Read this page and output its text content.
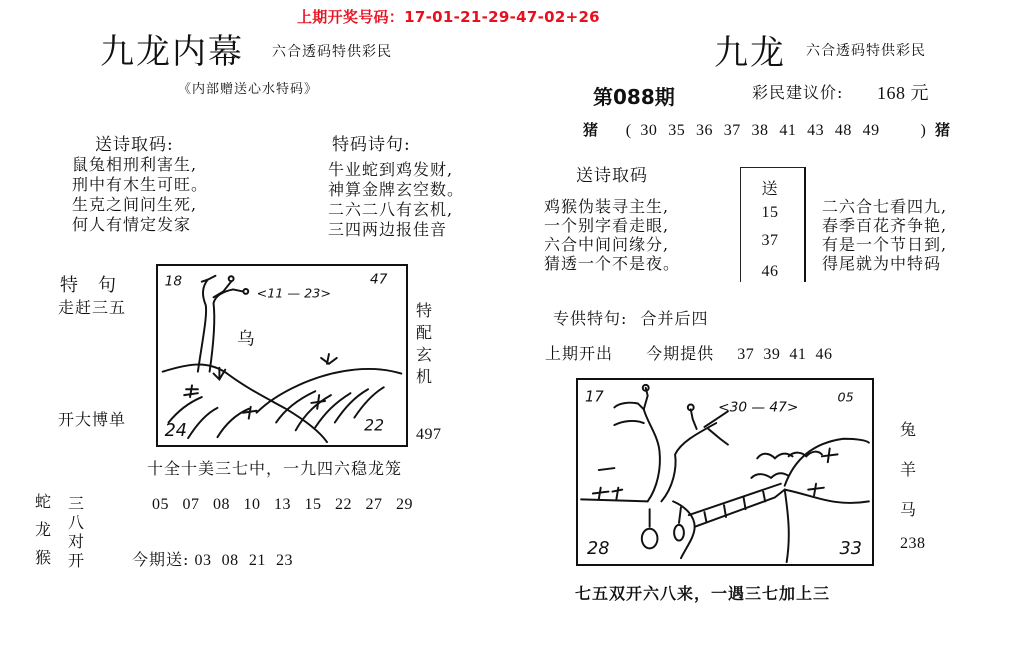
上期开奖号码：17-01-21-29-47-02+26
九龙内幕 六合透码特供彩民
《内部赠送心水特码》
送诗取码:
鼠兔相刑利害生,
刑中有木生可旺。
生克之间问生死,
何人有情定发家
特码诗句:
牛业蛇到鸡发财,
神算金牌玄空数。
二六二八有玄机,
三四两边报佳音
特　句
走赶三五
开大博单
18	47
24	22
<11 — 23>
乌
特
配
玄
机
497
十全十美三七中，一九四六稳龙笼
蛇
龙
猴
三
八
对
开
05 07 08 10 13 15 22 27 29
今期送: 03 08 21 23
九龙 六合透码特供彩民
第088期	彩民建议价: 168 元
猪 ( 30 35 36 37 38 41 43 48 49	) 猪
送诗取码
鸡猴伪装寻主生,
一个别字看走眼,
六合中间问缘分,
猜透一个不是夜。
送
15
37
46
二六合七看四九,
春季百花齐争艳,
有是一个节日到,
得尾就为中特码
专供特句: 合并后四
上期开出 今期提供 37 39 41 46
17	05
28	33
<30 — 47>
兔
羊
马
238
七五双开六八来，一遇三七加上三
